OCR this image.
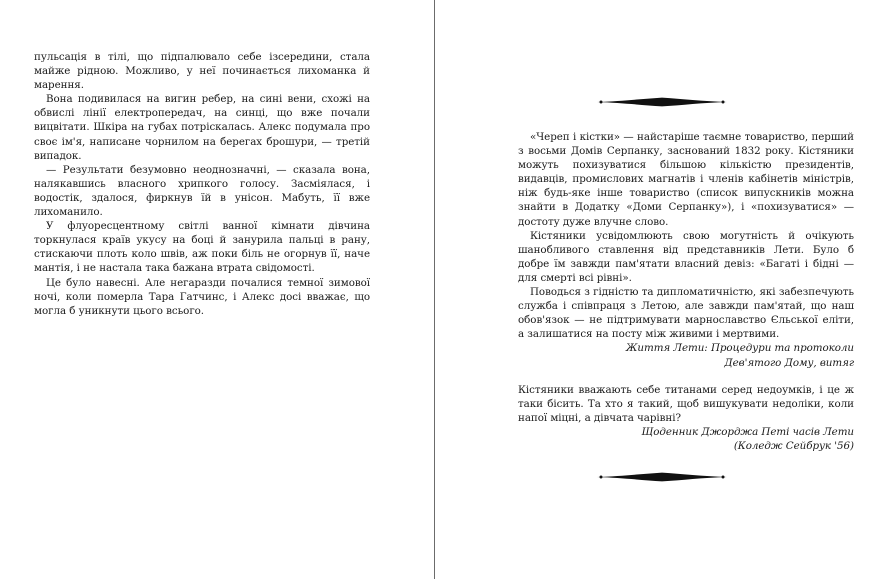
пульсація в тілі, що підпалювало себе ізсередини, стала майже рідною. Можливо, у неї починається лихоманка й марення.

Вона подивилася на вигин ребер, на сині вени, схожі на обвислі лінії електропередач, на синці, що вже почали вицвітати. Шкіра на губах потріскалась. Алекс подумала про своє ім'я, написане чорнилом на берегах брошури, — третій випадок.

— Результати безумовно неоднозначні, — сказала вона, налякавшись власного хрипкого голосу. Засміялася, і водостік, здалося, фиркнув їй в унісон. Мабуть, її вже лихоманило.

У флуоресцентному світлі ванної кімнати дівчина торкнулася країв укусу на боці й занурила пальці в рану, стискаючи плоть коло швів, аж поки біль не огорнув її, наче мантія, і не настала така бажана втрата свідомості.

Це було навесні. Але негаразди почалися темної зимової ночі, коли померла Тара Гатчинс, і Алекс досі вважає, що могла б уникнути цього всього.

«Череп і кістки» — найстаріше таємне товариство, перший з восьми Домів Серпанку, заснований 1832 року. Кістяники можуть похизуватися більшою кількістю президентів, видавців, промислових магнатів і членів кабінетів міністрів, ніж будь-яке інше товариство (список випускників можна знайти в Додатку «Доми Серпанку»), і «похизуватися» — достоту дуже влучне слово.

Кістяники усвідомлюють свою могутність й очікують шанобливого ставлення від представників Лети. Було б добре їм завжди пам'ятати власний девіз: «Багаті і бідні — для смерті всі рівні».

Поводься з гідністю та дипломатичністю, які забезпечують служба і співпраця з Летою, але завжди пам'ятай, що наш обов'язок — не підтримувати марнославство Єльської еліти, а залишатися на посту між живими і мертвими.

Життя Лети: Процедури та протоколи
Дев'ятого Дому, витяг

Кістяники вважають себе титанами серед недоумків, і це ж таки бісить. Та хто я такий, щоб вишукувати недоліки, коли напої міцні, а дівчата чарівні?

Щоденник Джорджа Петі часів Лети
(Коледж Сейбрук '56)
